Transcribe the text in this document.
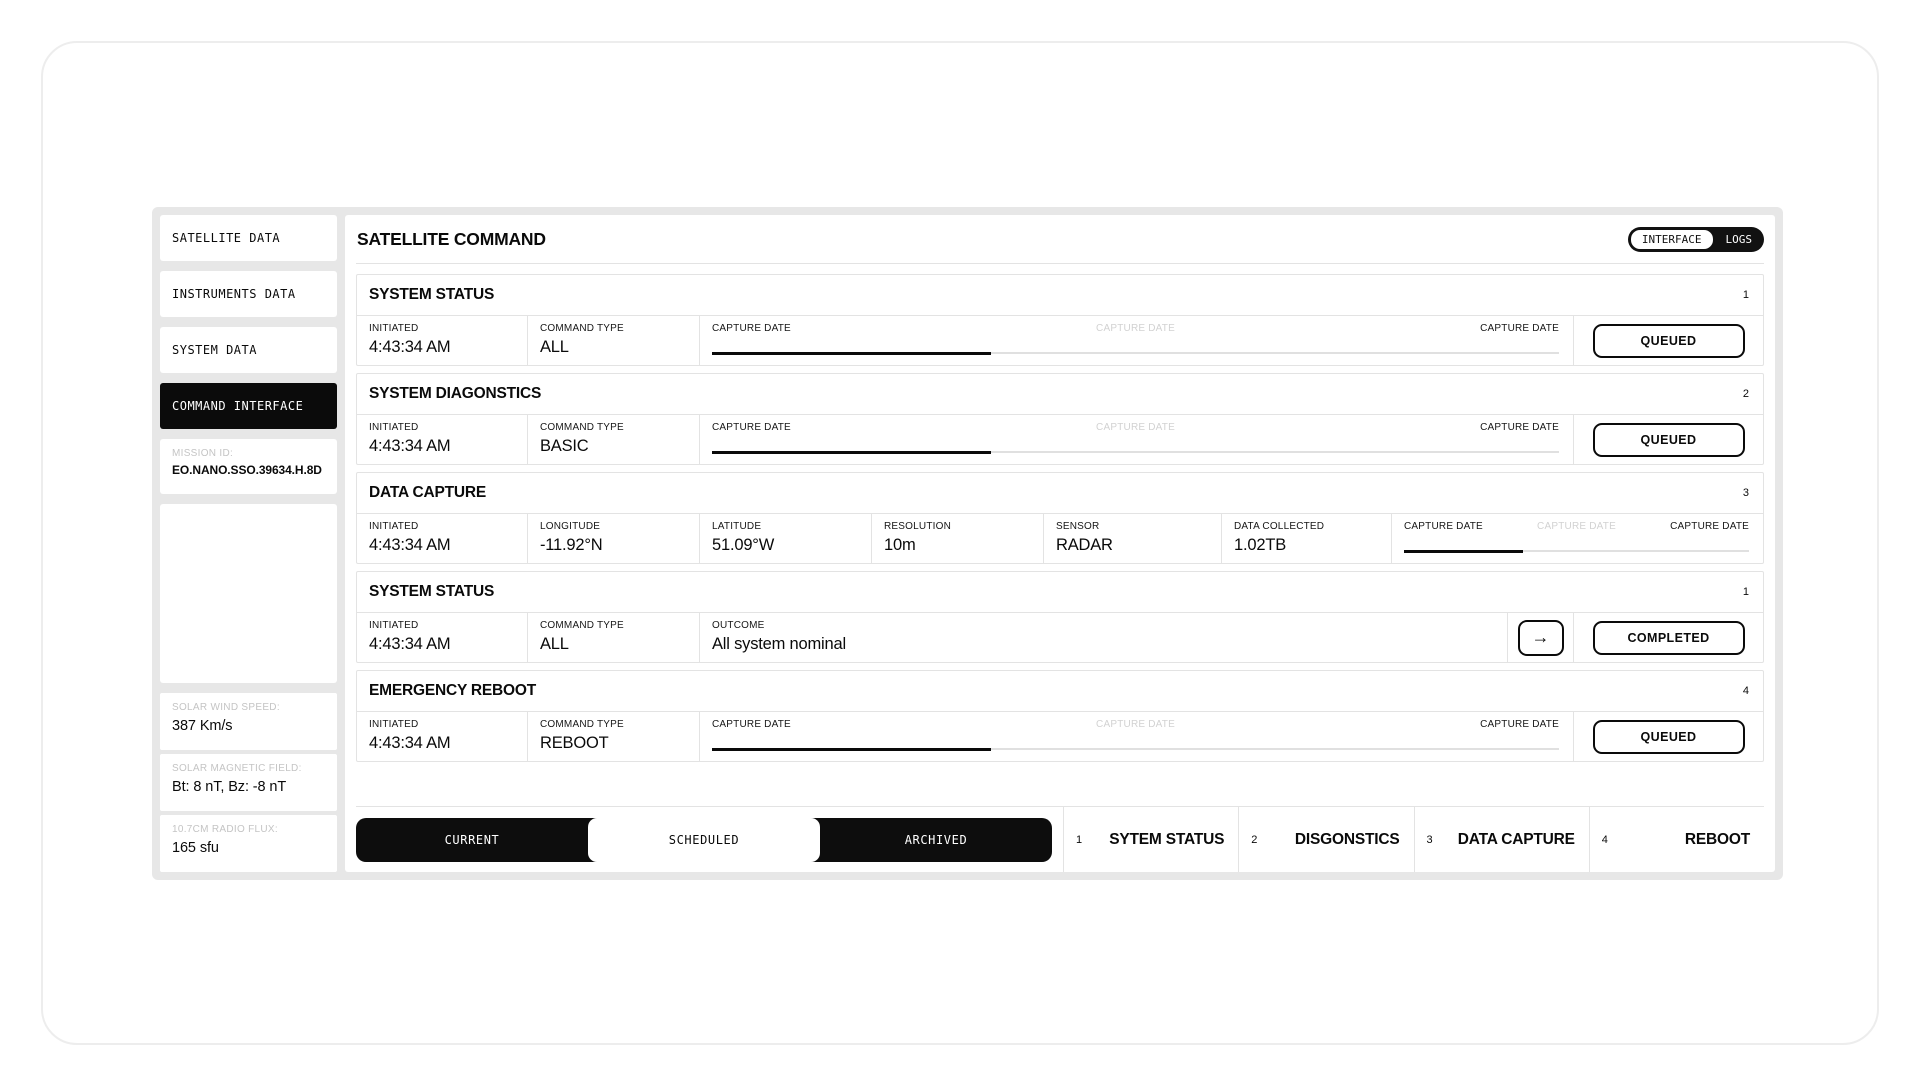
SATELLITE DATA
INSTRUMENTS DATA
SYSTEM DATA
COMMAND INTERFACE
MISSION ID:
EO.NANO.SSO.39634.H.8D
SOLAR WIND SPEED:
387 Km/s
SOLAR MAGNETIC FIELD:
Bt: 8 nT, Bz: -8 nT
10.7CM RADIO FLUX:
165 sfu
SATELLITE COMMAND	INTERFACE	LOGS
SYSTEM STATUS	1
INITIATED
4:43:34 AM
COMMAND TYPE
ALL
CAPTURE DATE	CAPTURE DATE	CAPTURE DATE
QUEUED
SYSTEM DIAGONSTICS	2
INITIATED
4:43:34 AM
COMMAND TYPE
BASIC
CAPTURE DATE	CAPTURE DATE	CAPTURE DATE
QUEUED
DATA CAPTURE	3
INITIATED
4:43:34 AM
LONGITUDE
-11.92°N
LATITUDE
51.09°W
RESOLUTION
10m
SENSOR
RADAR
DATA COLLECTED
1.02TB
CAPTURE DATE	CAPTURE DATE	CAPTURE DATE
SYSTEM STATUS	1
INITIATED
4:43:34 AM
COMMAND TYPE
ALL
OUTCOME
All system nominal	→	COMPLETED
EMERGENCY REBOOT	4
INITIATED
4:43:34 AM
COMMAND TYPE
REBOOT
CAPTURE DATE	CAPTURE DATE	CAPTURE DATE
QUEUED
CURRENT	SCHEDULED	ARCHIVED	1 SYTEM STATUS 2 DISGONSTICS 3 DATA CAPTURE 4	REBOOT
